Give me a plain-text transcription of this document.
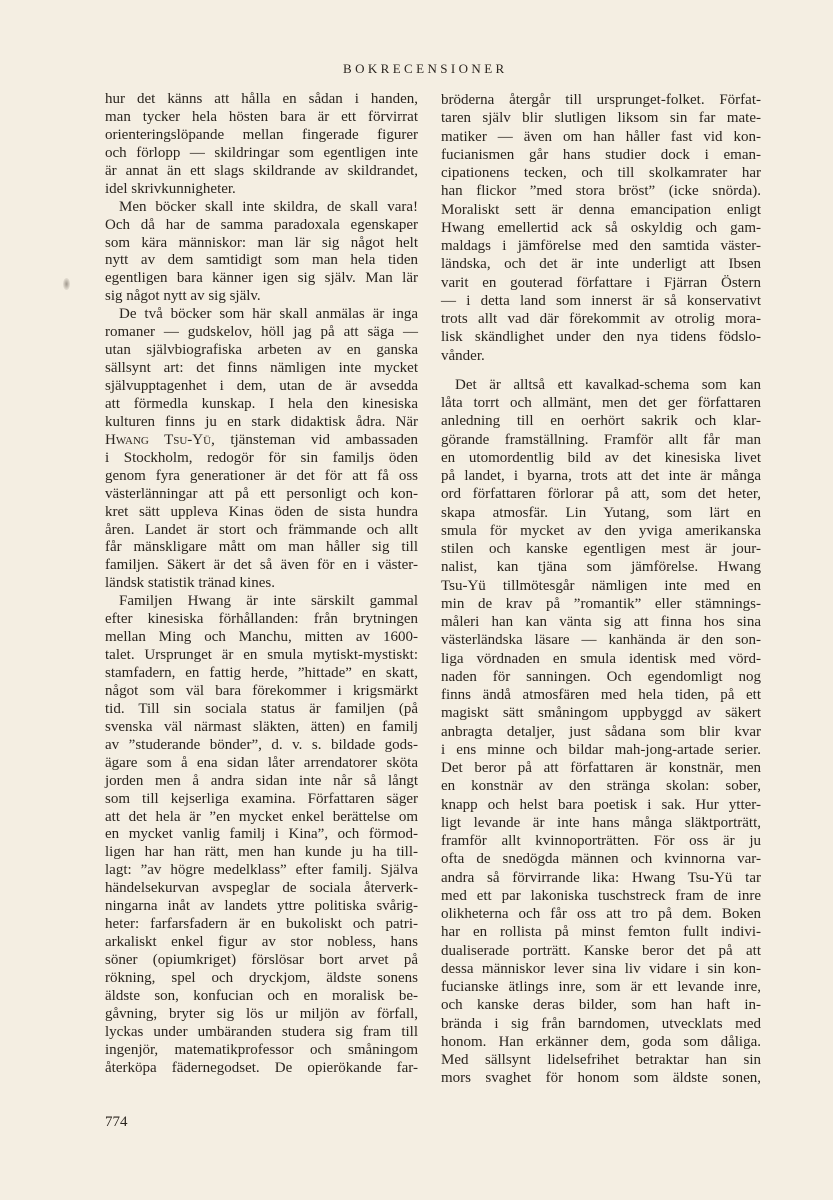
BOKRECENSIONER
hur det känns att hålla en sådan i handen,
man tycker hela hösten bara är ett förvirrat
orienteringslöpande mellan fingerade figurer
och förlopp — skildringar som egentligen inte
är annat än ett slags skildrande av skildrandet,
idel skrivkunnigheter.
Men böcker skall inte skildra, de skall vara!
Och då har de samma paradoxala egenskaper
som kära människor: man lär sig något helt
nytt av dem samtidigt som man hela tiden
egentligen bara känner igen sig själv. Man lär
sig något nytt av sig själv.
De två böcker som här skall anmälas är inga
romaner — gudskelov, höll jag på att säga —
utan självbiografiska arbeten av en ganska
sällsynt art: det finns nämligen inte mycket
självupptagenhet i dem, utan de är avsedda
att förmedla kunskap. I hela den kinesiska
kulturen finns ju en stark didaktisk ådra. När
Hwang Tsu-Yü, tjänsteman vid ambassaden
i Stockholm, redogör för sin familjs öden
genom fyra generationer är det för att få oss
västerlänningar att på ett personligt och kon-
kret sätt uppleva Kinas öden de sista hundra
åren. Landet är stort och främmande och allt
får mänskligare mått om man håller sig till
familjen. Säkert är det så även för en i väster-
ländsk statistik tränad kines.
Familjen Hwang är inte särskilt gammal
efter kinesiska förhållanden: från brytningen
mellan Ming och Manchu, mitten av 1600-
talet. Ursprunget är en smula mytiskt-mystiskt:
stamfadern, en fattig herde, ”hittade” en skatt,
något som väl bara förekommer i krigsmärkt
tid. Till sin sociala status är familjen (på
svenska väl närmast släkten, ätten) en familj
av ”studerande bönder”, d. v. s. bildade gods-
ägare som å ena sidan låter arrendatorer sköta
jorden men å andra sidan inte når så långt
som till kejserliga examina. Författaren säger
att det hela är ”en mycket enkel berättelse om
en mycket vanlig familj i Kina”, och förmod-
ligen har han rätt, men han kunde ju ha till-
lagt: ”av högre medelklass” efter familj. Själva
händelsekurvan avspeglar de sociala återverk-
ningarna inåt av landets yttre politiska svårig-
heter: farfarsfadern är en bukoliskt och patri-
arkaliskt enkel figur av stor nobless, hans
söner (opiumkriget) förslösar bort arvet på
rökning, spel och dryckjom, äldste sonens
äldste son, konfucian och en moralisk be-
gåvning, bryter sig lös ur miljön av förfall,
lyckas under umbäranden studera sig fram till
ingenjör, matematikprofessor och småningom
återköpa fädernegodset. De opierökande far-
bröderna återgår till ursprunget-folket. Förfat-
taren själv blir slutligen liksom sin far mate-
matiker — även om han håller fast vid kon-
fucianismen går hans studier dock i eman-
cipationens tecken, och till skolkamrater har
han flickor ”med stora bröst” (icke snörda).
Moraliskt sett är denna emancipation enligt
Hwang emellertid ack så oskyldig och gam-
maldags i jämförelse med den samtida väster-
ländska, och det är inte underligt att Ibsen
varit en gouterad författare i Fjärran Östern
— i detta land som innerst är så konservativt
trots allt vad där förekommit av otrolig mora-
lisk skändlighet under den nya tidens födslo-
vånder.
Det är alltså ett kavalkad-schema som kan
låta torrt och allmänt, men det ger författaren
anledning till en oerhört sakrik och klar-
görande framställning. Framför allt får man
en utomordentlig bild av det kinesiska livet
på landet, i byarna, trots att det inte är många
ord författaren förlorar på att, som det heter,
skapa atmosfär. Lin Yutang, som lärt en
smula för mycket av den yviga amerikanska
stilen och kanske egentligen mest är jour-
nalist, kan tjäna som jämförelse. Hwang
Tsu-Yü tillmötesgår nämligen inte med en
min de krav på ”romantik” eller stämnings-
måleri han kan vänta sig att finna hos sina
västerländska läsare — kanhända är den son-
liga vördnaden en smula identisk med vörd-
naden för sanningen. Och egendomligt nog
finns ändå atmosfären med hela tiden, på ett
magiskt sätt småningom uppbyggd av säkert
anbragta detaljer, just sådana som blir kvar
i ens minne och bildar mah-jong-artade serier.
Det beror på att författaren är konstnär, men
en konstnär av den stränga skolan: sober,
knapp och helst bara poetisk i sak. Hur ytter-
ligt levande är inte hans många släktporträtt,
framför allt kvinnoporträtten. För oss är ju
ofta de snedögda männen och kvinnorna var-
andra så förvirrande lika: Hwang Tsu-Yü tar
med ett par lakoniska tuschstreck fram de inre
olikheterna och får oss att tro på dem. Boken
har en rollista på minst femton fullt indivi-
dualiserade porträtt. Kanske beror det på att
dessa människor lever sina liv vidare i sin kon-
fucianske ätlings inre, som är ett levande inre,
och kanske deras bilder, som han haft in-
brända i sig från barndomen, utvecklats med
honom. Han erkänner dem, goda som dåliga.
Med sällsynt lidelsefrihet betraktar han sin
mors svaghet för honom som äldste sonen,
774
